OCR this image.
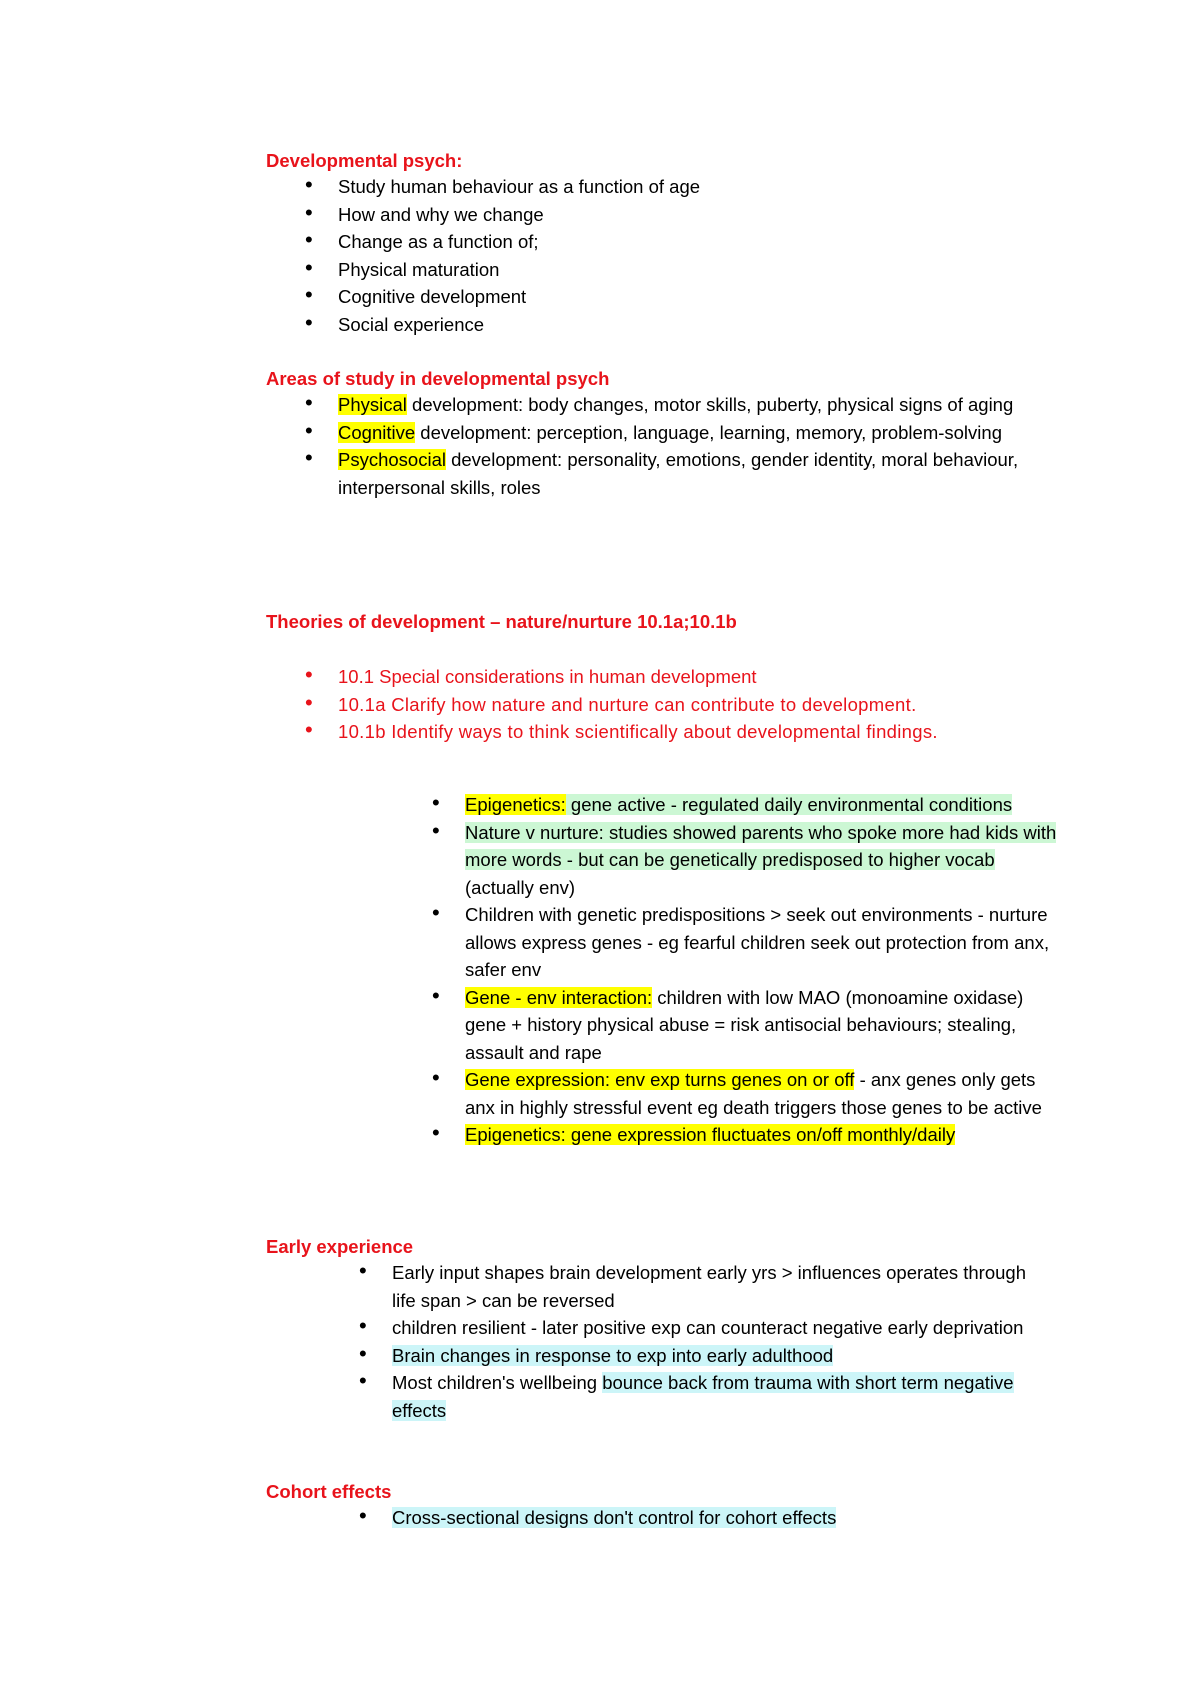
Developmental psych:
• Study human behaviour as a function of age
• How and why we change
• Change as a function of;
• Physical maturation
• Cognitive development
• Social experience
Areas of study in developmental psych
• Physical development: body changes, motor skills, puberty, physical signs of aging
• Cognitive development: perception, language, learning, memory, problem-solving
• Psychosocial development: personality, emotions, gender identity, moral behaviour, interpersonal skills, roles
Theories of development – nature/nurture 10.1a;10.1b
• 10.1 Special considerations in human development
• 10.1a Clarify how nature and nurture can contribute to development.
• 10.1b Identify ways to think scientifically about developmental findings.
• Epigenetics: gene active - regulated daily environmental conditions
• Nature v nurture: studies showed parents who spoke more had kids with more words - but can be genetically predisposed to higher vocab (actually env)
• Children with genetic predispositions > seek out environments - nurture allows express genes - eg fearful children seek out protection from anx, safer env
• Gene - env interaction: children with low MAO (monoamine oxidase) gene + history physical abuse = risk antisocial behaviours; stealing, assault and rape
• Gene expression: env exp turns genes on or off - anx genes only gets anx in highly stressful event eg death triggers those genes to be active
• Epigenetics: gene expression fluctuates on/off monthly/daily
Early experience
• Early input shapes brain development early yrs > influences operates through life span > can be reversed
• children resilient - later positive exp can counteract negative early deprivation
• Brain changes in response to exp into early adulthood
• Most children's wellbeing bounce back from trauma with short term negative effects
Cohort effects
• Cross-sectional designs don't control for cohort effects
